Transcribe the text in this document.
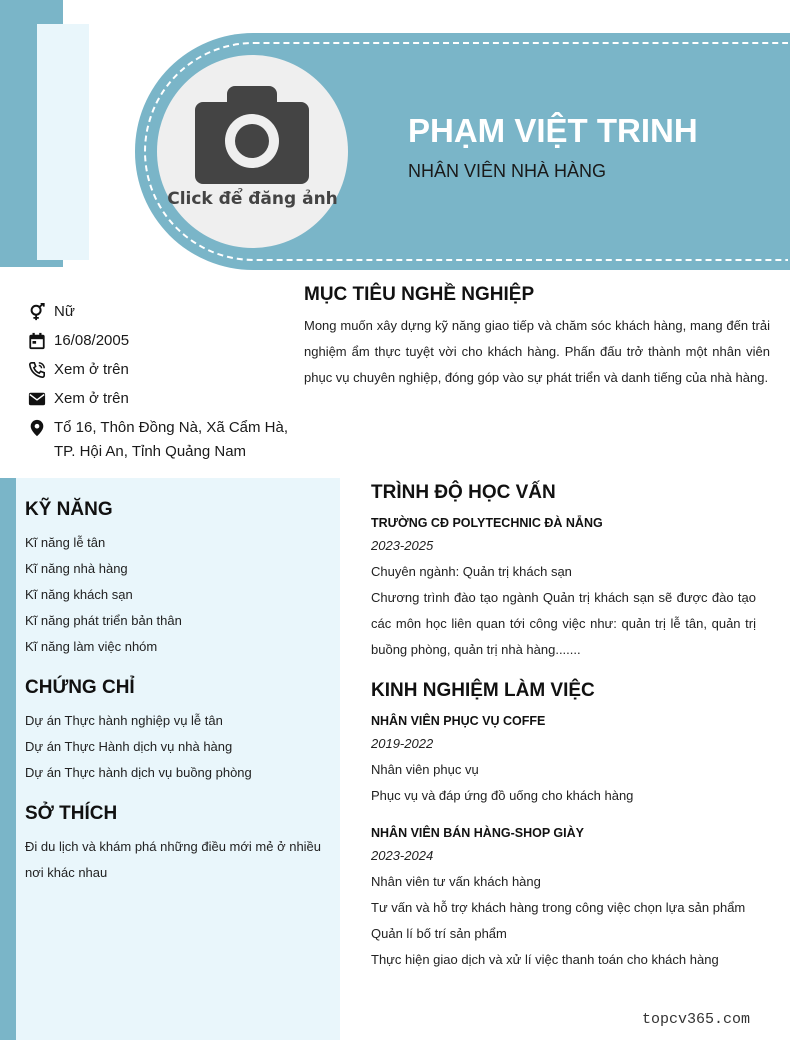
Click để đăng ảnh
PHẠM VIỆT TRINH
NHÂN VIÊN NHÀ HÀNG
Nữ
16/08/2005
Xem ở trên
Xem ở trên
Tổ 16, Thôn Đồng Nà, Xã Cẩm Hà, TP. Hội An, Tỉnh Quảng Nam
MỤC TIÊU NGHỀ NGHIỆP

Mong muốn xây dựng kỹ năng giao tiếp và chăm sóc khách hàng, mang đến trải nghiệm ẩm thực tuyệt vời cho khách hàng. Phấn đấu trở thành một nhân viên phục vụ chuyên nghiệp, đóng góp vào sự phát triển và danh tiếng của nhà hàng.

KỸ NĂNG
Kĩ năng lễ tân
Kĩ năng nhà hàng
Kĩ năng khách sạn
Kĩ năng phát triển bản thân
Kĩ năng làm việc nhóm
CHỨNG CHỈ
Dự án Thực hành nghiệp vụ lễ tân
Dự án Thực Hành dịch vụ nhà hàng
Dự án Thực hành dịch vụ buồng phòng
SỞ THÍCH
Đi du lịch và khám phá những điều mới mẻ ở nhiều nơi khác nhau
TRÌNH ĐỘ HỌC VẤN
TRƯỜNG CĐ POLYTECHNIC ĐÀ NẴNG
2023-2025
Chuyên ngành: Quản trị khách sạn
Chương trình đào tạo ngành Quản trị khách sạn sẽ được đào tạo các môn học liên quan tới công việc như: quản trị lễ tân, quản trị buồng phòng, quản trị nhà hàng.......
KINH NGHIỆM LÀM VIỆC
NHÂN VIÊN PHỤC VỤ COFFE
2019-2022
Nhân viên phục vụ
Phục vụ và đáp ứng đồ uống cho khách hàng
NHÂN VIÊN BÁN HÀNG-SHOP GIÀY
2023-2024
Nhân viên tư vấn khách hàng
Tư vấn và hỗ trợ khách hàng trong công việc chọn lựa sản phẩm
Quản lí bố trí sản phẩm
Thực hiện giao dịch và xử lí việc thanh toán cho khách hàng
topcv365.com
